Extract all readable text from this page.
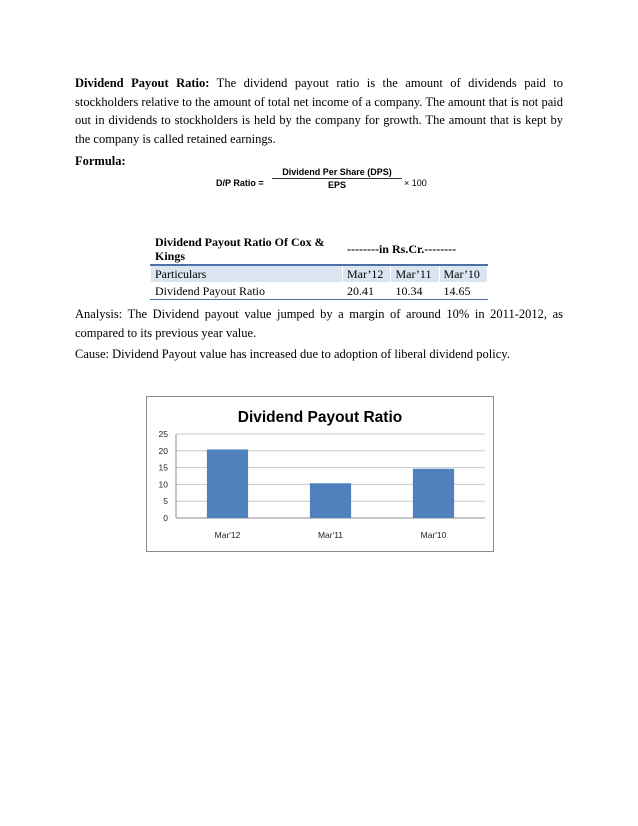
Dividend Payout Ratio: The dividend payout ratio is the amount of dividends paid to stockholders relative to the amount of total net income of a company. The amount that is not paid out in dividends to stockholders is held by the company for growth. The amount that is kept by the company is called retained earnings.

Formula:

D/P Ratio =
Dividend Per Share (DPS)
EPS	× 100
Dividend Payout Ratio Of Cox & Kings	--------in Rs.Cr.--------		
Particulars	Mar’12	Mar’11	Mar’10
Dividend Payout Ratio	20.41	10.34	14.65

Analysis: The Dividend payout value jumped by a margin of around 10% in 2011-2012, as compared to its previous year value.

Cause: Dividend Payout value has increased due to adoption of liberal dividend policy.

Dividend Payout Ratio
0
5
10
15
20
25
Mar'12	Mar'11	Mar'10
